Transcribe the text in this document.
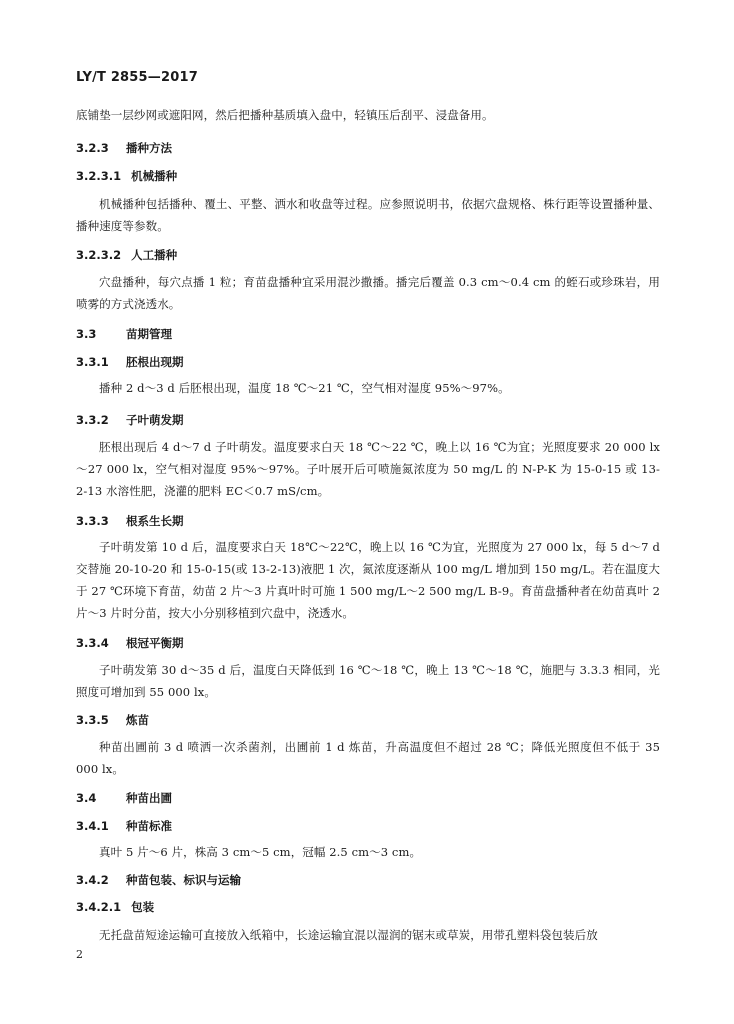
LY/T 2855—2017
底铺垫一层纱网或遮阳网，然后把播种基质填入盘中，轻镇压后刮平、浸盘备用。
3.2.3 播种方法
3.2.3.1 机械播种
机械播种包括播种、覆土、平整、洒水和收盘等过程。应参照说明书，依据穴盘规格、株行距等设置播种量、播种速度等参数。
3.2.3.2 人工播种
穴盘播种，每穴点播 1 粒；育苗盘播种宜采用混沙撒播。播完后覆盖 0.3 cm～0.4 cm 的蛭石或珍珠岩，用喷雾的方式浇透水。
3.3	苗期管理
3.3.1 胚根出现期
播种 2 d～3 d 后胚根出现，温度 18 ℃～21 ℃，空气相对湿度 95%～97%。
3.3.2 子叶萌发期
胚根出现后 4 d～7 d 子叶萌发。温度要求白天 18 ℃～22 ℃，晚上以 16 ℃为宜；光照度要求 20 000 lx～27 000 lx，空气相对湿度 95%～97%。子叶展开后可喷施氮浓度为 50 mg/L 的 N-P-K 为 15-0-15 或 13-2-13 水溶性肥，浇灌的肥料 EC＜0.7 mS/cm。
3.3.3 根系生长期
子叶萌发第 10 d 后，温度要求白天 18℃～22℃，晚上以 16 ℃为宜，光照度为 27 000 lx，每 5 d～7 d 交替施 20-10-20 和 15-0-15(或 13-2-13)液肥 1 次，氮浓度逐渐从 100 mg/L 增加到 150 mg/L。若在温度大于 27 ℃环境下育苗，幼苗 2 片～3 片真叶时可施 1 500 mg/L～2 500 mg/L B-9。育苗盘播种者在幼苗真叶 2 片～3 片时分苗，按大小分别移植到穴盘中，浇透水。
3.3.4 根冠平衡期
子叶萌发第 30 d～35 d 后，温度白天降低到 16 ℃～18 ℃，晚上 13 ℃～18 ℃，施肥与 3.3.3 相同，光照度可增加到 55 000 lx。
3.3.5 炼苗
种苗出圃前 3 d 喷洒一次杀菌剂，出圃前 1 d 炼苗，升高温度但不超过 28 ℃；降低光照度但不低于 35 000 lx。
3.4	种苗出圃
3.4.1 种苗标准
真叶 5 片～6 片，株高 3 cm～5 cm，冠幅 2.5 cm～3 cm。
3.4.2 种苗包装、标识与运输
3.4.2.1 包装
无托盘苗短途运输可直接放入纸箱中，长途运输宜混以湿润的锯末或草炭，用带孔塑料袋包装后放
2
